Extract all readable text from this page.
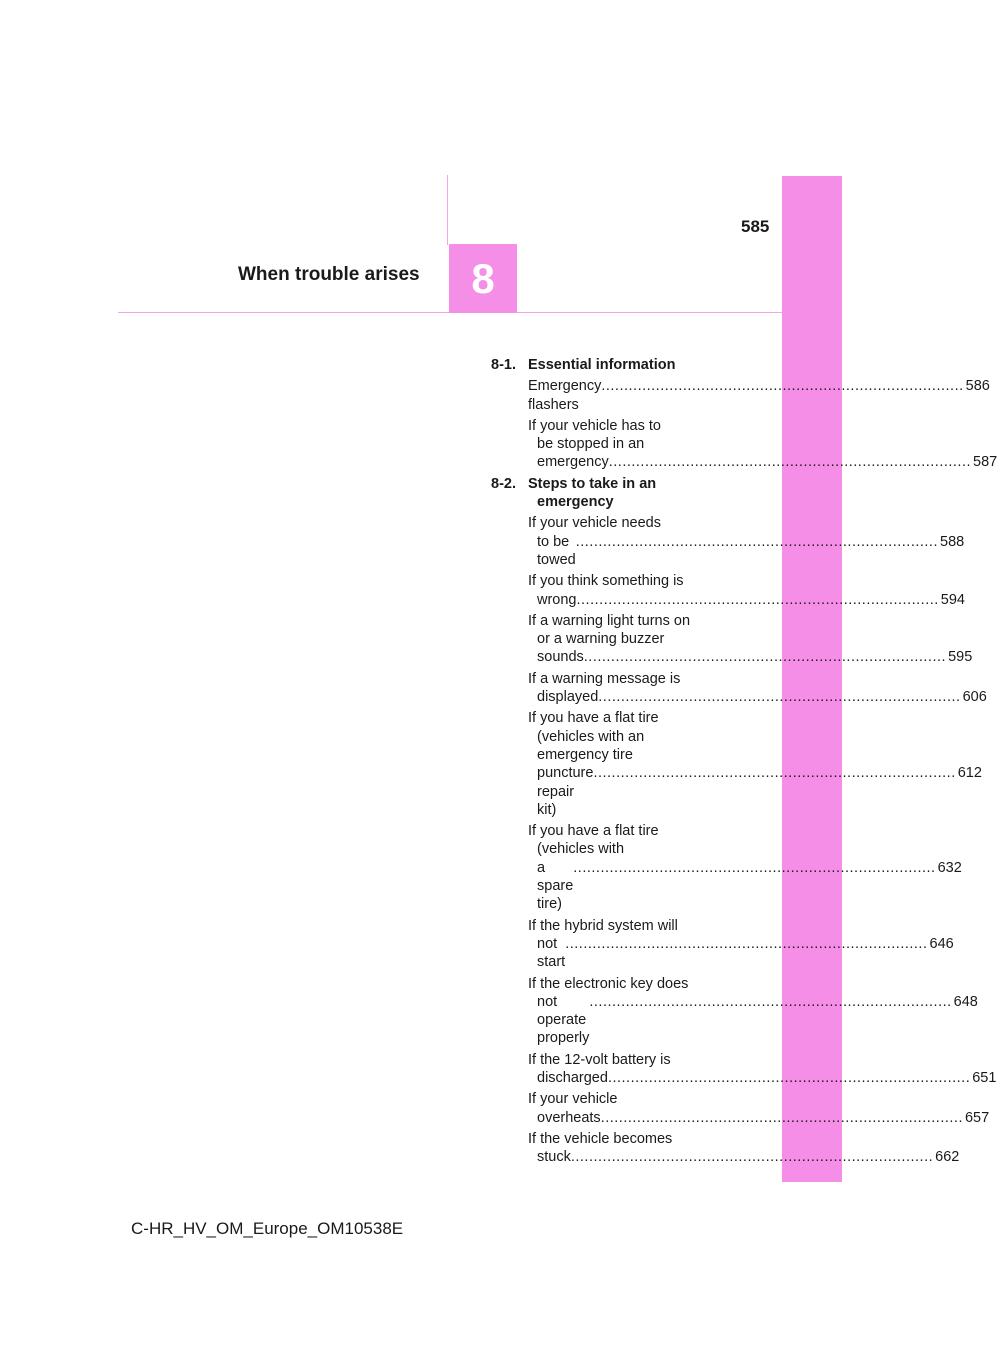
585
When trouble arises 8
8-1. Essential information
Emergency flashers
................................................................................ 586
If your vehicle has to
be stopped in an
emergency ................................................................................ 587
8-2. Steps to take in an
emergency
If your vehicle needs
to be towed
................................................................................ 588
If you think something is
wrong ................................................................................ 594
If a warning light turns on
or a warning buzzer
sounds ................................................................................ 595
If a warning message is
displayed ................................................................................ 606
If you have a flat tire
(vehicles with an
emergency tire
puncture repair kit)
................................................................................ 612
If you have a flat tire
(vehicles with
a spare tire)
................................................................................ 632
If the hybrid system will
not start
................................................................................ 646
If the electronic key does
not operate properly
................................................................................ 648
If the 12-volt battery is
discharged ................................................................................ 651
If your vehicle
overheats ................................................................................ 657
If the vehicle becomes
stuck ................................................................................ 662
C-HR_HV_OM_Europe_OM10538E
